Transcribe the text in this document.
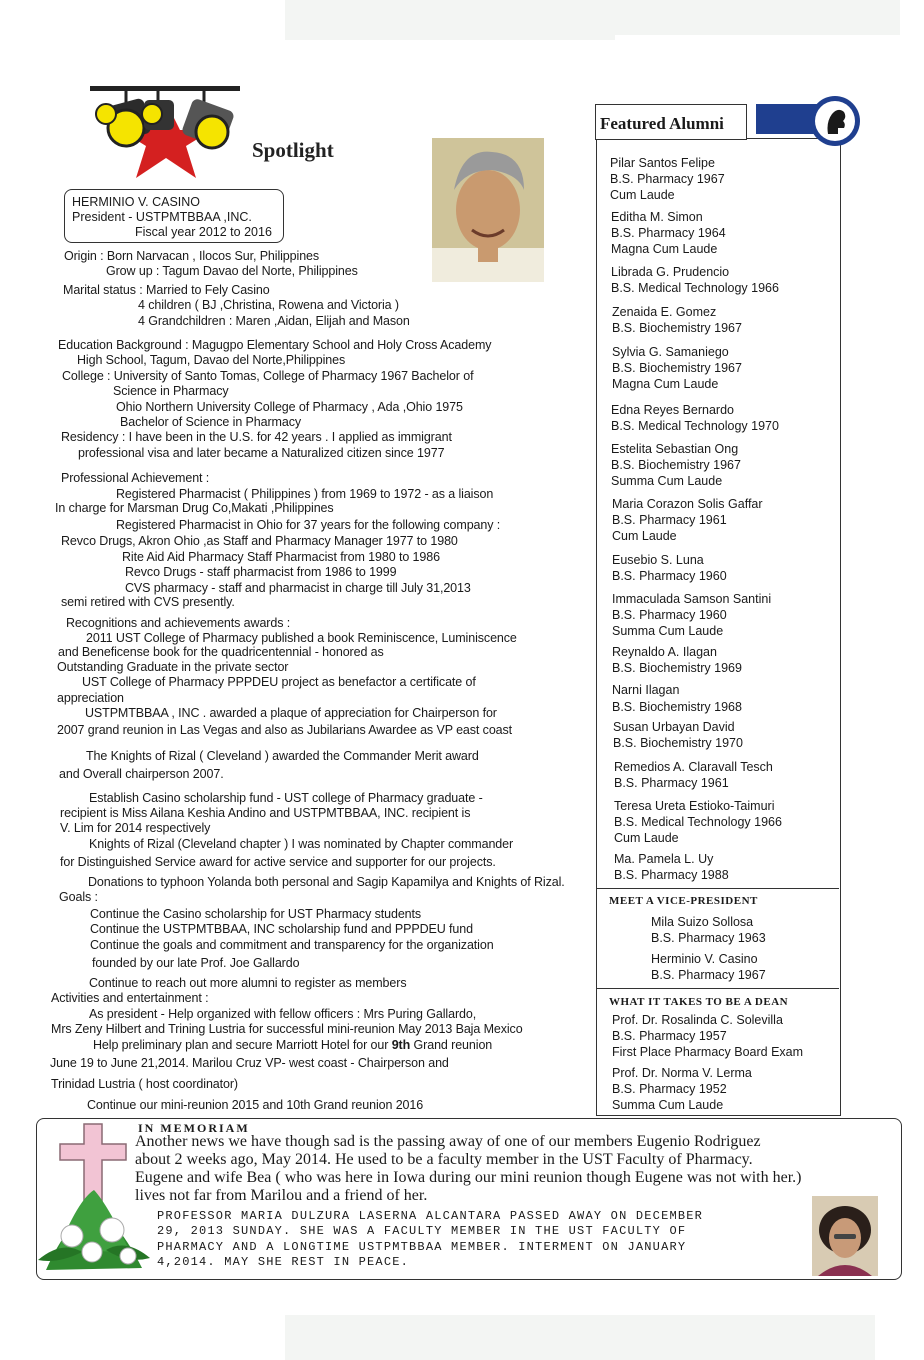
Spotlight
HERMINIO V. CASINO
President - USTPMTBBAA ,INC.
Fiscal year 2012 to 2016
Origin : Born Narvacan , Ilocos Sur, Philippines
Grow up : Tagum Davao del Norte, Philippines
Marital status : Married to Fely Casino
4 children ( BJ ,Christina, Rowena and Victoria )
4 Grandchildren : Maren ,Aidan, Elijah and Mason
Education Background : Magugpo Elementary School and Holy Cross Academy
High School, Tagum, Davao del Norte,Philippines
College : University of Santo Tomas, College of Pharmacy 1967 Bachelor of
Science in Pharmacy
Ohio Northern University College of Pharmacy , Ada ,Ohio 1975
Bachelor of Science in Pharmacy
Residency : I have been in the U.S. for 42 years . I applied as immigrant
professional visa and later became a Naturalized citizen since 1977
Professional Achievement :
Registered Pharmacist ( Philippines ) from 1969 to 1972 - as a liaison
In charge for Marsman Drug Co,Makati ,Philippines
Registered Pharmacist in Ohio for 37 years for the following company :
Revco Drugs, Akron Ohio ,as Staff and Pharmacy Manager 1977 to 1980
Rite Aid Aid Pharmacy Staff Pharmacist from 1980 to 1986
Revco Drugs - staff pharmacist from 1986 to 1999
CVS pharmacy - staff and pharmacist in charge till July 31,2013
semi retired with CVS presently.
Recognitions and achievements awards :
2011 UST College of Pharmacy published a book Reminiscence, Luminiscence
and Beneficense book for the quadricentennial - honored as
Outstanding Graduate in the private sector
UST College of Pharmacy PPPDEU project as benefactor a certificate of
appreciation
USTPMTBBAA , INC . awarded a plaque of appreciation for Chairperson for
2007 grand reunion in Las Vegas and also as Jubilarians Awardee as VP east coast
The Knights of Rizal ( Cleveland ) awarded the Commander Merit award
and Overall chairperson 2007.
Establish Casino scholarship fund - UST college of Pharmacy graduate -
recipient is Miss Ailana Keshia Andino and USTPMTBBAA, INC. recipient is
V. Lim for 2014 respectively
Knights of Rizal (Cleveland chapter ) I was nominated by Chapter commander
for Distinguished Service award for active service and supporter for our projects.
Donations to typhoon Yolanda both personal and Sagip Kapamilya and Knights of Rizal.
Goals :
Continue the Casino scholarship for UST Pharmacy students
Continue the USTPMTBBAA, INC scholarship fund and PPPDEU fund
Continue the goals and commitment and transparency for the organization
founded by our late Prof. Joe Gallardo
Continue to reach out more alumni to register as members
Activities and entertainment :
As president - Help organized with fellow officers : Mrs Puring Gallardo,
Mrs Zeny Hilbert and Trining Lustria for successful mini-reunion May 2013 Baja Mexico
Help preliminary plan and secure Marriott Hotel for our 9th Grand reunion
June 19 to June 21,2014. Marilou Cruz VP- west coast - Chairperson and
Trinidad Lustria ( host coordinator)
Continue our mini-reunion 2015 and 10th Grand reunion 2016
Featured Alumni
Pilar Santos Felipe
B.S. Pharmacy 1967
Cum Laude
Editha M. Simon
B.S. Pharmacy 1964
Magna Cum Laude
Librada G. Prudencio
B.S. Medical Technology 1966
Zenaida E. Gomez
B.S. Biochemistry 1967
Sylvia G. Samaniego
B.S. Biochemistry 1967
Magna Cum Laude
Edna Reyes Bernardo
B.S. Medical Technology 1970
Estelita Sebastian Ong
B.S. Biochemistry 1967
Summa Cum Laude
Maria Corazon Solis Gaffar
B.S. Pharmacy 1961
Cum Laude
Eusebio S. Luna
B.S. Pharmacy 1960
Immaculada Samson Santini
B.S. Pharmacy 1960
Summa Cum Laude
Reynaldo A. Ilagan
B.S. Biochemistry 1969
Narni Ilagan
B.S. Biochemistry 1968
Susan Urbayan David
B.S. Biochemistry 1970
Remedios A. Claravall Tesch
B.S. Pharmacy 1961
Teresa Ureta Estioko-Taimuri
B.S. Medical Technology 1966
Cum Laude
Ma. Pamela L. Uy
B.S. Pharmacy 1988
MEET A VICE-PRESIDENT
Mila Suizo Sollosa
B.S. Pharmacy 1963
Herminio V. Casino
B.S. Pharmacy 1967
WHAT IT TAKES TO BE A DEAN
Prof. Dr. Rosalinda C. Solevilla
B.S. Pharmacy 1957
First Place Pharmacy Board Exam
Prof. Dr. Norma V. Lerma
B.S. Pharmacy 1952
Summa Cum Laude
IN MEMORIAM
Another news we have though sad is the passing away of one of our members Eugenio Rodriguez
about 2 weeks ago, May 2014. He used to be a faculty member in the UST Faculty of Pharmacy.
Eugene and wife Bea ( who was here in Iowa during our mini reunion though Eugene was not with her.)
lives not far from Marilou and a friend of her.
PROFESSOR MARIA DULZURA LASERNA ALCANTARA PASSED AWAY ON DECEMBER
29, 2013 SUNDAY. SHE WAS A FACULTY MEMBER IN THE UST FACULTY OF
PHARMACY AND A LONGTIME USTPMTBBAA MEMBER. INTERMENT ON JANUARY
4,2014. MAY SHE REST IN PEACE.
